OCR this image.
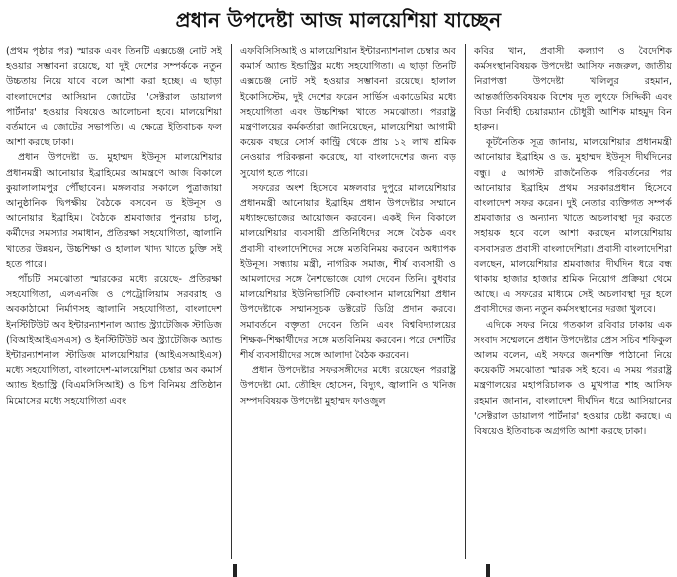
প্রধান উপদেষ্টা আজ মালয়েশিয়া যাচ্ছেন

(প্রথম পৃষ্ঠার পর) স্মারক এবং তিনটি এক্সচেঞ্জ নোট সই হওয়ার সম্ভাবনা রয়েছে, যা দুই দেশের সম্পর্ককে নতুন উচ্চতায় নিয়ে যাবে বলে আশা করা হচ্ছে। এ ছাড়া বাংলাদেশের আসিয়ান জোটের 'সেক্টরাল ডায়ালগ পার্টনার' হওয়ার বিষয়েও আলোচনা হবে। মালয়েশিয়া বর্তমানে এ জোটের সভাপতি। এ ক্ষেত্রে ইতিবাচক ফল আশা করছে ঢাকা।

প্রধান উপদেষ্টা ড. মুহাম্মদ ইউনূস মালয়েশিয়ার প্রধানমন্ত্রী আনোয়ার ইব্রাহিমের আমন্ত্রণে আজ বিকালে কুয়ালালামপুর পৌঁছাবেন। মঙ্গলবার সকালে পুত্রাজায়া আনুষ্ঠানিক দ্বিপক্ষীয় বৈঠকে বসবেন ড ইউনূস ও আনোয়ার ইব্রাহিম। বৈঠকে শ্রমবাজার পুনরায় চালু, কর্মীদের সমস্যার সমাধান, প্রতিরক্ষা সহযোগিতা, জ্বালানি খাতের উন্নয়ন, উচ্চশিক্ষা ও হালাল খাদ্য খাতে চুক্তি সই হতে পারে।

পাঁচটি সমঝোতা স্মারকের মধ্যে রয়েছে- প্রতিরক্ষা সহযোগিতা, এলএনজি ও পেট্রোলিয়াম সরবরাহ ও অবকাঠামো নির্মাণসহ জ্বালানি সহযোগিতা, বাংলাদেশ ইনস্টিটিউট অব ইন্টারন্যাশনাল অ্যান্ড স্ট্র্যাটেজিক স্টাডিজ (বিআইআইএসএস) ও ইনস্টিটিউট অব স্ট্র্যাটেজিক অ্যান্ড ইন্টারন্যাশনাল স্টাডিজ মালয়েশিয়ার (আইএসআইএস) মধ্যে সহযোগিতা, বাংলাদেশ-মালয়েশিয়া চেম্বার অব কমার্স অ্যান্ড ইন্ডাস্ট্রি (বিএমসিসিআই) ও চিপ বিনিময় প্রতিষ্ঠান মিমোসের মধ্যে সহযোগিতা এবং

এফবিসিসিআই ও মালয়েশিয়ান ইন্টারন্যাশনাল চেম্বার অব কমার্স অ্যান্ড ইন্ডাস্ট্রির মধ্যে সহযোগিতা। এ ছাড়া তিনটি এক্সচেঞ্জ নোট সই হওয়ার সম্ভাবনা রয়েছে। হালাল ইকোসিস্টেম, দুই দেশের ফরেন সার্ভিস একাডেমির মধ্যে সহযোগিতা এবং উচ্চশিক্ষা খাতে সমঝোতা। পররাষ্ট্র মন্ত্রণালয়ের কর্মকর্তারা জানিয়েছেন, মালয়েশিয়া আগামী কয়েক বছরে সোর্স কান্ট্রি থেকে প্রায় ১২ লাখ শ্রমিক নেওয়ার পরিকল্পনা করেছে, যা বাংলাদেশের জন্য বড় সুযোগ হতে পারে।

সফরের অংশ হিসেবে মঙ্গলবার দুপুরে মালয়েশিয়ার প্রধানমন্ত্রী আনোয়ার ইব্রাহিম প্রধান উপদেষ্টার সম্মানে মধ্যাহ্নভোজের আয়োজন করবেন। একই দিন বিকালে মালয়েশিয়ার ব্যবসায়ী প্রতিনিধিদের সঙ্গে বৈঠক এবং প্রবাসী বাংলাদেশিদের সঙ্গে মতবিনিময় করবেন অধ্যাপক ইউনূস। সন্ধ্যায় মন্ত্রী, নাগরিক সমাজ, শীর্ষ ব্যবসায়ী ও আমলাদের সঙ্গে নৈশভোজে যোগ দেবেন তিনি। বুধবার মালয়েশিয়ার ইউনিভার্সিটি কেবাংসান মালয়েশিয়া প্রধান উপদেষ্টাকে সম্মানসূচক ডক্টরেট ডিগ্রি প্রদান করবে। সমাবর্তনে বক্তৃতা দেবেন তিনি এবং বিশ্ববিদ্যালয়ের শিক্ষক-শিক্ষার্থীদের সঙ্গে মতবিনিময় করবেন। পরে দেশটির শীর্ষ ব্যবসায়ীদের সঙ্গে আলাদা বৈঠক করবেন।

প্রধান উপদেষ্টার সফরসঙ্গীদের মধ্যে রয়েছেন পররাষ্ট্র উপদেষ্টা মো. তৌহিদ হোসেন, বিদ্যুৎ, জ্বালানি ও খনিজ সম্পদবিষয়ক উপদেষ্টা মুহাম্মদ ফাওজুল

কবির খান, প্রবাসী কল্যাণ ও বৈদেশিক কর্মসংস্থানবিষয়ক উপদেষ্টা আসিফ নজরুল, জাতীয় নিরাপত্তা উপদেষ্টা খলিলুর রহমান, আন্তর্জাতিকবিষয়ক বিশেষ দূত লুৎফে সিদ্দিকী এবং বিডা নির্বাহী চেয়ারম্যান চৌধুরী আশিক মাহমুদ বিন হারুন।

কূটনৈতিক সূত্র জানায়, মালয়েশিয়ার প্রধানমন্ত্রী আনোয়ার ইব্রাহিম ও ড. মুহাম্মদ ইউনূস দীর্ঘদিনের বন্ধু। ৫ আগস্ট রাজনৈতিক পরিবর্তনের পর আনোয়ার ইব্রাহিম প্রথম সরকারপ্রধান হিসেবে বাংলাদেশ সফর করেন। দুই নেতার ব্যক্তিগত সম্পর্ক শ্রমবাজার ও অন্যান্য খাতে অচলাবস্থা দূর করতে সহায়ক হবে বলে আশা করছেন মালয়েশিয়ায় বসবাসরত প্রবাসী বাংলাদেশিরা। প্রবাসী বাংলাদেশিরা বলছেন, মালয়েশিয়ার শ্রমবাজার দীর্ঘদিন ধরে বন্ধ থাকায় হাজার হাজার শ্রমিক নিয়োগ প্রক্রিয়া থেমে আছে। এ সফরের মাধ্যমে সেই অচলাবস্থা দূর হলে প্রবাসীদের জন্য নতুন কর্মসংস্থানের দরজা খুলবে।

এদিকে সফর নিয়ে গতকাল রবিবার ঢাকায় এক সংবাদ সম্মেলনে প্রধান উপদেষ্টার প্রেস সচিব শফিকুল আলম বলেন, এই সফরে জনশক্তি পাঠানো নিয়ে কয়েকটি সমঝোতা স্মারক সই হবে। এ সময় পররাষ্ট্র মন্ত্রণালয়ের মহাপরিচালক ও মুখপাত্র শাহ আসিফ রহমান জানান, বাংলাদেশ দীর্ঘদিন ধরে আসিয়ানের 'সেক্টরাল ডায়ালগ পার্টনার' হওয়ার চেষ্টা করছে। এ বিষয়েও ইতিবাচক অগ্রগতি আশা করছে ঢাকা।
